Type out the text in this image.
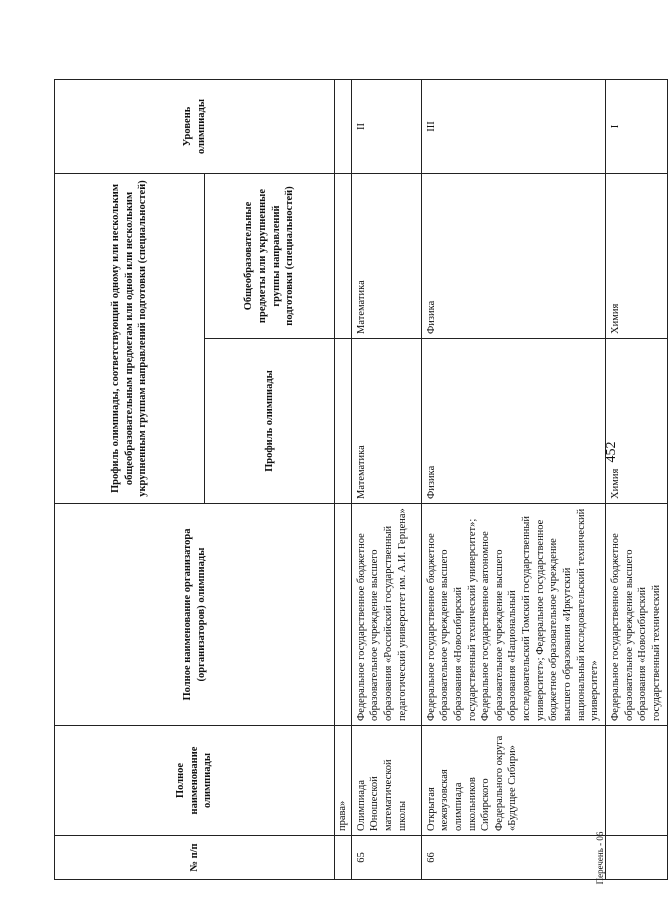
452
Перечень - 06
№ п/п	Полное наименование олимпиады	Полное наименование организатора (организаторов) олимпиады	Профиль олимпиады, соответствующий одному или нескольким общеобразовательным предметам или одной или нескольким укрупненным группам направлений подготовки (специальностей)		Уровень олимпиады
			Профиль олимпиады	Общеобразовательные предметы или укрупненные группы направлений подготовки (специальностей)	
	права»				
65	Олимпиада Юношеской математической школы	Федеральное государственное бюджетное образовательное учреждение высшего образования «Российский государственный педагогический университет им. А.И. Герцена»	Математика	Математика	II
66	Открытая межвузовская олимпиада школьников Сибирского Федерального округа «Будущее Сибири»	Федеральное государственное бюджетное образовательное учреждение высшего образования «Новосибирский государственный технический университет»; Федеральное государственное автономное образовательное учреждение высшего образования «Национальный исследовательский Томский государственный университет»; Федеральное государственное бюджетное образовательное учреждение высшего образования «Иркутский национальный исследовательский технический университет»	Физика	Физика	III
		Федеральное государственное бюджетное образовательное учреждение высшего образования «Новосибирский государственный технический	Химия	Химия	I
